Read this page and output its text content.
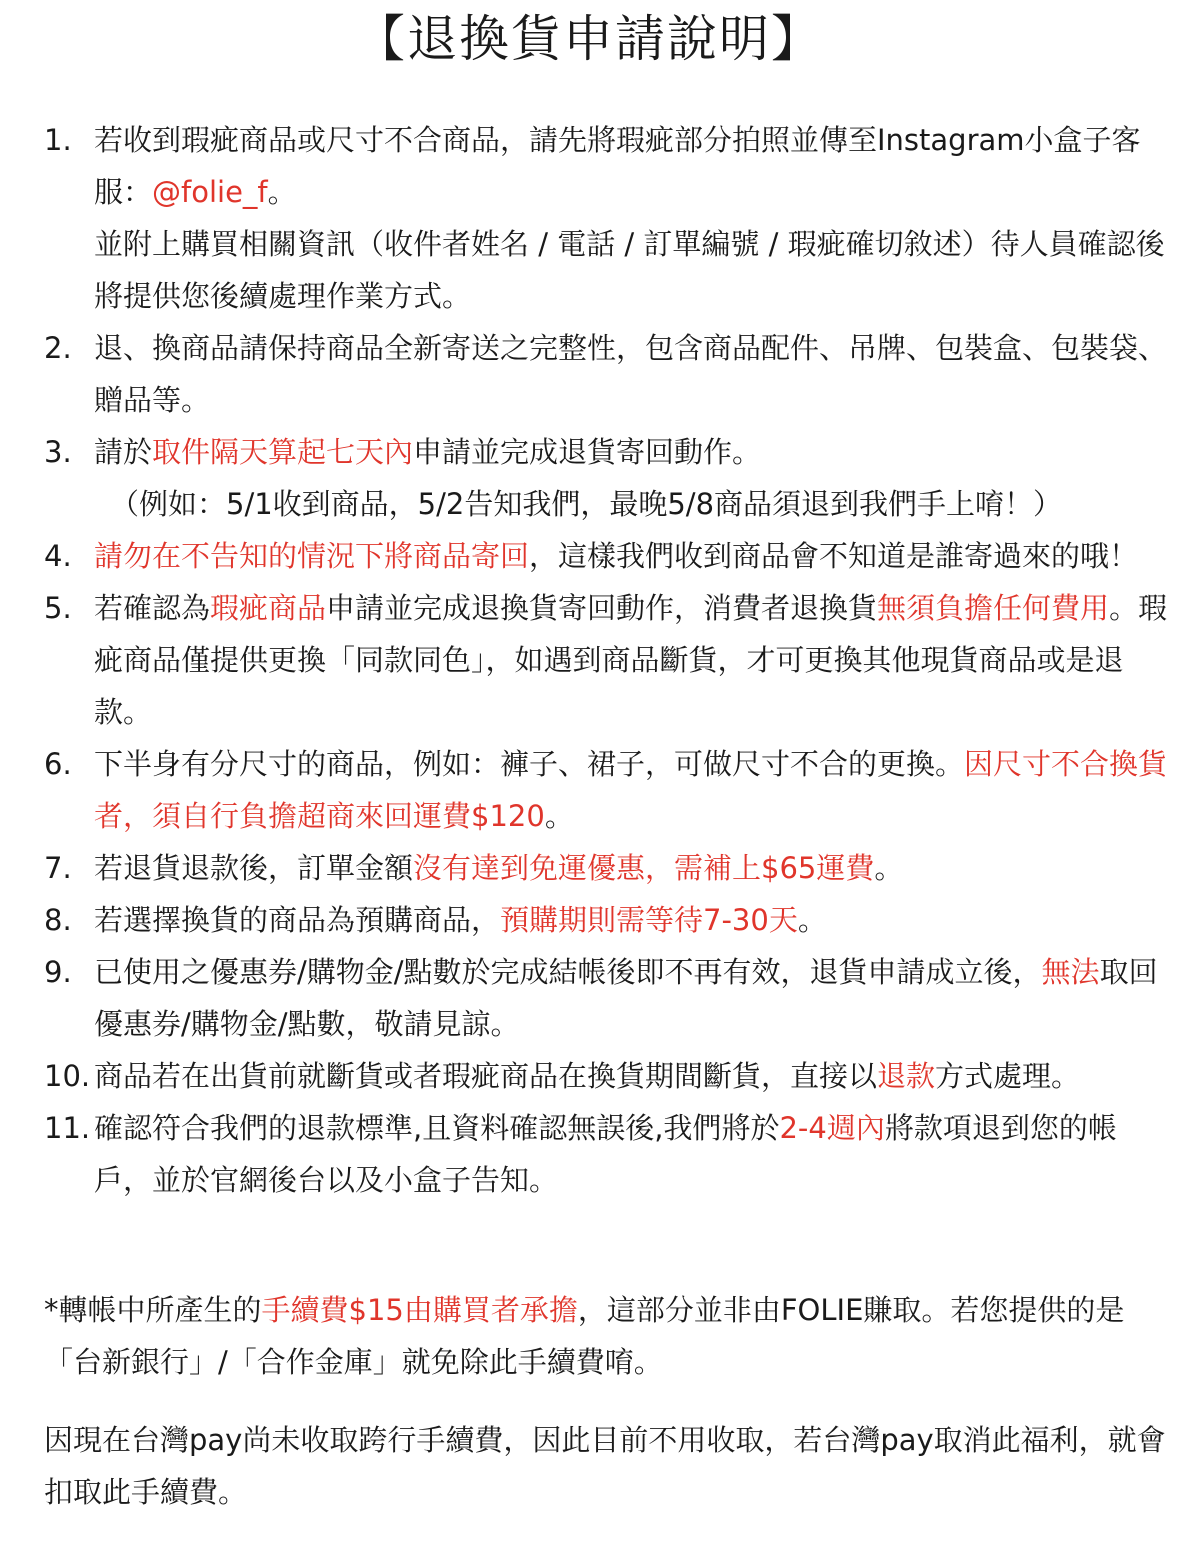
【退換貨申請說明】
1. 若收到瑕疵商品或尺寸不合商品，請先將瑕疵部分拍照並傳至Instagram小盒子客服：@folie_f。
並附上購買相關資訊（收件者姓名 / 電話 / 訂單編號 / 瑕疵確切敘述）待人員確認後將提供您後續處理作業方式。
2. 退、換商品請保持商品全新寄送之完整性，包含商品配件、吊牌、包裝盒、包裝袋、贈品等。
3. 請於取件隔天算起七天內申請並完成退貨寄回動作。
（例如：5/1收到商品，5/2告知我們，最晚5/8商品須退到我們手上唷！）
4. 請勿在不告知的情況下將商品寄回，這樣我們收到商品會不知道是誰寄過來的哦！
5. 若確認為瑕疵商品申請並完成退換貨寄回動作，消費者退換貨無須負擔任何費用。瑕疵商品僅提供更換「同款同色」，如遇到商品斷貨，才可更換其他現貨商品或是退款。
6. 下半身有分尺寸的商品，例如：褲子、裙子，可做尺寸不合的更換。因尺寸不合換貨者，須自行負擔超商來回運費$120。
7. 若退貨退款後，訂單金額沒有達到免運優惠，需補上$65運費。
8. 若選擇換貨的商品為預購商品，預購期則需等待7-30天。
9. 已使用之優惠券/購物金/點數於完成結帳後即不再有效，退貨申請成立後，無法取回優惠券/購物金/點數，敬請見諒。
10. 商品若在出貨前就斷貨或者瑕疵商品在換貨期間斷貨，直接以退款方式處理。
11. 確認符合我們的退款標準,且資料確認無誤後,我們將於2-4週內將款項退到您的帳戶，並於官網後台以及小盒子告知。
*轉帳中所產生的手續費$15由購買者承擔，這部分並非由FOLIE賺取。若您提供的是「台新銀行」/「合作金庫」就免除此手續費唷。
因現在台灣pay尚未收取跨行手續費，因此目前不用收取，若台灣pay取消此福利，就會扣取此手續費。
